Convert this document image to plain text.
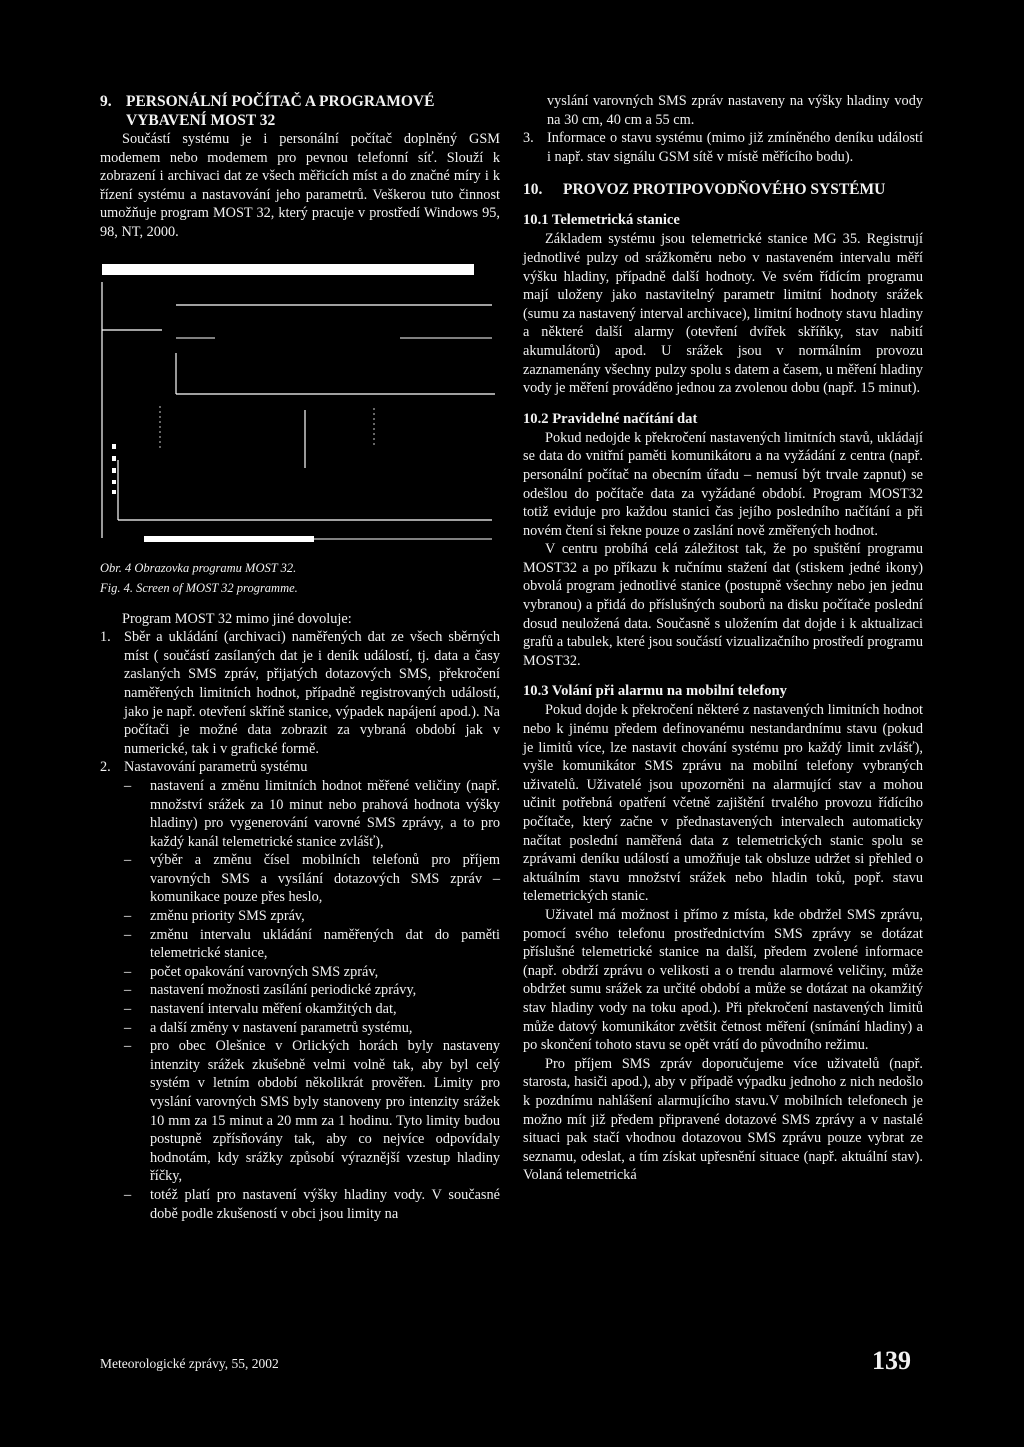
9. PERSONÁLNÍ POČÍTAČ A PROGRAMOVÉ
VYBAVENÍ MOST 32

Součástí systému je i personální počítač doplněný GSM modemem nebo modemem pro pevnou telefonní síť. Slouží k zobrazení i archivaci dat ze všech měřicích míst a do značné míry i k řízení systému a nastavování jeho parametrů. Veškerou tuto činnost umožňuje program MOST 32, který pracuje v prostředí Windows 95, 98, NT, 2000.

Obr. 4 Obrazovka programu MOST 32.
Fig. 4. Screen of MOST 32 programme.

Program MOST 32 mimo jiné dovoluje:

1. Sběr a ukládání (archivaci) naměřených dat ze všech sběrných míst ( součástí zasílaných dat je i deník událostí, tj. data a časy zaslaných SMS zpráv, přijatých dotazových SMS, překročení naměřených limitních hodnot, případně registrovaných událostí, jako je např. otevření skříně stanice, výpadek napájení apod.). Na počítači je možné data zobrazit za vybraná období jak v numerické, tak i v grafické formě.
2. Nastavování parametrů systému
–	nastavení a změnu limitních hodnot měřené veličiny (např. množství srážek za 10 minut nebo prahová hodnota výšky hladiny) pro vygenerování varovné SMS zprávy, a to pro každý kanál telemetrické stanice zvlášť),
–	výběr a změnu čísel mobilních telefonů pro příjem varovných SMS a vysílání dotazových SMS zpráv – komunikace pouze přes heslo,
–	změnu priority SMS zpráv,
–	změnu intervalu ukládání naměřených dat do paměti telemetrické stanice,
–	počet opakování varovných SMS zpráv,
–	nastavení možnosti zasílání periodické zprávy,
–	nastavení intervalu měření okamžitých dat,
–	a další změny v nastavení parametrů systému,
–	pro obec Olešnice v Orlických horách byly nastaveny intenzity srážek zkušebně velmi volně tak, aby byl celý systém v letním období několikrát prověřen. Limity pro vyslání varovných SMS byly stanoveny pro intenzity srážek 10 mm za 15 minut a 20 mm za 1 hodinu. Tyto limity budou postupně zpřísňovány tak, aby co nejvíce odpovídaly hodnotám, kdy srážky způsobí výraznější vzestup hladiny říčky,
–	totéž platí pro nastavení výšky hladiny vody. V současné době podle zkušeností v obci jsou limity na
vyslání varovných SMS zpráv nastaveny na výšky hladiny vody na 30 cm, 40 cm a 55 cm.
3. Informace o stavu systému (mimo již zmíněného deníku událostí i např. stav signálu GSM sítě v místě měřícího bodu).
10. PROVOZ PROTIPOVODŇOVÉHO SYSTÉMU
10.1 Telemetrická stanice

Základem systému jsou telemetrické stanice MG 35. Registrují jednotlivé pulzy od srážkoměru nebo v nastaveném intervalu měří výšku hladiny, případně další hodnoty. Ve svém řídícím programu mají uloženy jako nastavitelný parametr limitní hodnoty srážek (sumu za nastavený interval archivace), limitní hodnoty stavu hladiny a některé další alarmy (otevření dvířek skříňky, stav nabití akumulátorů) apod. U srážek jsou v normálním provozu zaznamenány všechny pulzy spolu s datem a časem, u měření hladiny vody je měření prováděno jednou za zvolenou dobu (např. 15 minut).

10.2 Pravidelné načítání dat

Pokud nedojde k překročení nastavených limitních stavů, ukládají se data do vnitřní paměti komunikátoru a na vyžádání z centra (např. personální počítač na obecním úřadu – nemusí být trvale zapnut) se odešlou do počítače data za vyžádané období. Program MOST32 totiž eviduje pro každou stanici čas jejího posledního načítání a při novém čtení si řekne pouze o zaslání nově změřených hodnot.

V centru probíhá celá záležitost tak, že po spuštění programu MOST32 a po příkazu k ručnímu stažení dat (stiskem jedné ikony) obvolá program jednotlivé stanice (postupně všechny nebo jen jednu vybranou) a přidá do příslušných souborů na disku počítače poslední dosud neuložená data. Současně s uložením dat dojde i k aktualizaci grafů a tabulek, které jsou součástí vizualizačního prostředí programu MOST32.

10.3 Volání při alarmu na mobilní telefony

Pokud dojde k překročení některé z nastavených limitních hodnot nebo k jinému předem definovanému nestandardnímu stavu (pokud je limitů více, lze nastavit chování systému pro každý limit zvlášť), vyšle komunikátor SMS zprávu na mobilní telefony vybraných uživatelů. Uživatelé jsou upozorněni na alarmující stav a mohou učinit potřebná opatření včetně zajištění trvalého provozu řídícího počítače, který začne v přednastavených intervalech automaticky načítat poslední naměřená data z telemetrických stanic spolu se zprávami deníku událostí a umožňuje tak obsluze udržet si přehled o aktuálním stavu množství srážek nebo hladin toků, popř. stavu telemetrických stanic.

Uživatel má možnost i přímo z místa, kde obdržel SMS zprávu, pomocí svého telefonu prostřednictvím SMS zprávy se dotázat příslušné telemetrické stanice na další, předem zvolené informace (např. obdrží zprávu o velikosti a o trendu alarmové veličiny, může obdržet sumu srážek za určité období a může se dotázat na okamžitý stav hladiny vody na toku apod.). Při překročení nastavených limitů může datový komunikátor zvětšit četnost měření (snímání hladiny) a po skončení tohoto stavu se opět vrátí do původního režimu.

Pro příjem SMS zpráv doporučujeme více uživatelů (např. starosta, hasiči apod.), aby v případě výpadku jednoho z nich nedošlo k pozdnímu nahlášení alarmujícího stavu.V mobilních telefonech je možno mít již předem připravené dotazové SMS zprávy a v nastalé situaci pak stačí vhodnou dotazovou SMS zprávu pouze vybrat ze seznamu, odeslat, a tím získat upřesnění situace (např. aktuální stav). Volaná telemetrická

Meteorologické zprávy, 55, 2002	139
